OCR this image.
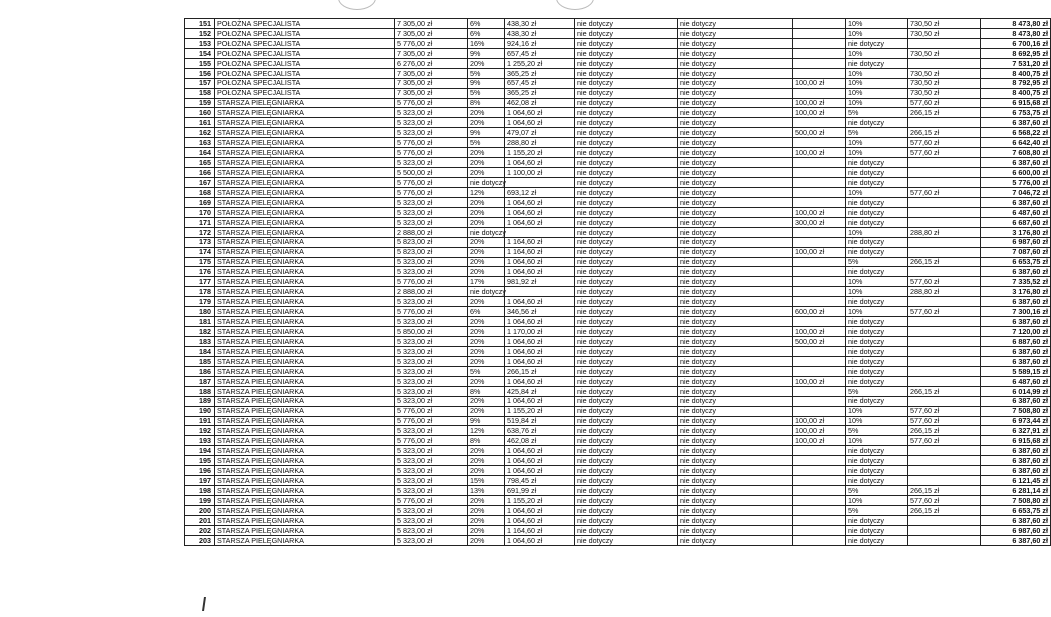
151	POŁOŻNA SPECJALISTA	7 305,00 zł	6%	438,30 zł	nie dotyczy	nie dotyczy		10%	730,50 zł	8 473,80 zł
152	POŁOŻNA SPECJALISTA	7 305,00 zł	6%	438,30 zł	nie dotyczy	nie dotyczy		10%	730,50 zł	8 473,80 zł
153	POŁOŻNA SPECJALISTA	5 776,00 zł	16%	924,16 zł	nie dotyczy	nie dotyczy		nie dotyczy		6 700,16 zł
154	POŁOŻNA SPECJALISTA	7 305,00 zł	9%	657,45 zł	nie dotyczy	nie dotyczy		10%	730,50 zł	8 692,95 zł
155	POŁOŻNA SPECJALISTA	6 276,00 zł	20%	1 255,20 zł	nie dotyczy	nie dotyczy		nie dotyczy		7 531,20 zł
156	POŁOŻNA SPECJALISTA	7 305,00 zł	5%	365,25 zł	nie dotyczy	nie dotyczy		10%	730,50 zł	8 400,75 zł
157	POŁOŻNA SPECJALISTA	7 305,00 zł	9%	657,45 zł	nie dotyczy	nie dotyczy	100,00 zł	10%	730,50 zł	8 792,95 zł
158	POŁOŻNA SPECJALISTA	7 305,00 zł	5%	365,25 zł	nie dotyczy	nie dotyczy		10%	730,50 zł	8 400,75 zł
159	STARSZA PIELĘGNIARKA	5 776,00 zł	8%	462,08 zł	nie dotyczy	nie dotyczy	100,00 zł	10%	577,60 zł	6 915,68 zł
160	STARSZA PIELĘGNIARKA	5 323,00 zł	20%	1 064,60 zł	nie dotyczy	nie dotyczy	100,00 zł	5%	266,15 zł	6 753,75 zł
161	STARSZA PIELĘGNIARKA	5 323,00 zł	20%	1 064,60 zł	nie dotyczy	nie dotyczy		nie dotyczy		6 387,60 zł
162	STARSZA PIELĘGNIARKA	5 323,00 zł	9%	479,07 zł	nie dotyczy	nie dotyczy	500,00 zł	5%	266,15 zł	6 568,22 zł
163	STARSZA PIELĘGNIARKA	5 776,00 zł	5%	288,80 zł	nie dotyczy	nie dotyczy		10%	577,60 zł	6 642,40 zł
164	STARSZA PIELĘGNIARKA	5 776,00 zł	20%	1 155,20 zł	nie dotyczy	nie dotyczy	100,00 zł	10%	577,60 zł	7 608,80 zł
165	STARSZA PIELĘGNIARKA	5 323,00 zł	20%	1 064,60 zł	nie dotyczy	nie dotyczy		nie dotyczy		6 387,60 zł
166	STARSZA PIELĘGNIARKA	5 500,00 zł	20%	1 100,00 zł	nie dotyczy	nie dotyczy		nie dotyczy		6 600,00 zł
167	STARSZA PIELĘGNIARKA	5 776,00 zł	nie dotyczy		nie dotyczy	nie dotyczy		nie dotyczy		5 776,00 zł
168	STARSZA PIELĘGNIARKA	5 776,00 zł	12%	693,12 zł	nie dotyczy	nie dotyczy		10%	577,60 zł	7 046,72 zł
169	STARSZA PIELĘGNIARKA	5 323,00 zł	20%	1 064,60 zł	nie dotyczy	nie dotyczy		nie dotyczy		6 387,60 zł
170	STARSZA PIELĘGNIARKA	5 323,00 zł	20%	1 064,60 zł	nie dotyczy	nie dotyczy	100,00 zł	nie dotyczy		6 487,60 zł
171	STARSZA PIELĘGNIARKA	5 323,00 zł	20%	1 064,60 zł	nie dotyczy	nie dotyczy	300,00 zł	nie dotyczy		6 687,60 zł
172	STARSZA PIELĘGNIARKA	2 888,00 zł	nie dotyczy		nie dotyczy	nie dotyczy		10%	288,80 zł	3 176,80 zł
173	STARSZA PIELĘGNIARKA	5 823,00 zł	20%	1 164,60 zł	nie dotyczy	nie dotyczy		nie dotyczy		6 987,60 zł
174	STARSZA PIELĘGNIARKA	5 823,00 zł	20%	1 164,60 zł	nie dotyczy	nie dotyczy	100,00 zł	nie dotyczy		7 087,60 zł
175	STARSZA PIELĘGNIARKA	5 323,00 zł	20%	1 064,60 zł	nie dotyczy	nie dotyczy		5%	266,15 zł	6 653,75 zł
176	STARSZA PIELĘGNIARKA	5 323,00 zł	20%	1 064,60 zł	nie dotyczy	nie dotyczy		nie dotyczy		6 387,60 zł
177	STARSZA PIELĘGNIARKA	5 776,00 zł	17%	981,92 zł	nie dotyczy	nie dotyczy		10%	577,60 zł	7 335,52 zł
178	STARSZA PIELĘGNIARKA	2 888,00 zł	nie dotyczy		nie dotyczy	nie dotyczy		10%	288,80 zł	3 176,80 zł
179	STARSZA PIELĘGNIARKA	5 323,00 zł	20%	1 064,60 zł	nie dotyczy	nie dotyczy		nie dotyczy		6 387,60 zł
180	STARSZA PIELĘGNIARKA	5 776,00 zł	6%	346,56 zł	nie dotyczy	nie dotyczy	600,00 zł	10%	577,60 zł	7 300,16 zł
181	STARSZA PIELĘGNIARKA	5 323,00 zł	20%	1 064,60 zł	nie dotyczy	nie dotyczy		nie dotyczy		6 387,60 zł
182	STARSZA PIELĘGNIARKA	5 850,00 zł	20%	1 170,00 zł	nie dotyczy	nie dotyczy	100,00 zł	nie dotyczy		7 120,00 zł
183	STARSZA PIELĘGNIARKA	5 323,00 zł	20%	1 064,60 zł	nie dotyczy	nie dotyczy	500,00 zł	nie dotyczy		6 887,60 zł
184	STARSZA PIELĘGNIARKA	5 323,00 zł	20%	1 064,60 zł	nie dotyczy	nie dotyczy		nie dotyczy		6 387,60 zł
185	STARSZA PIELĘGNIARKA	5 323,00 zł	20%	1 064,60 zł	nie dotyczy	nie dotyczy		nie dotyczy		6 387,60 zł
186	STARSZA PIELĘGNIARKA	5 323,00 zł	5%	266,15 zł	nie dotyczy	nie dotyczy		nie dotyczy		5 589,15 zł
187	STARSZA PIELĘGNIARKA	5 323,00 zł	20%	1 064,60 zł	nie dotyczy	nie dotyczy	100,00 zł	nie dotyczy		6 487,60 zł
188	STARSZA PIELĘGNIARKA	5 323,00 zł	8%	425,84 zł	nie dotyczy	nie dotyczy		5%	266,15 zł	6 014,99 zł
189	STARSZA PIELĘGNIARKA	5 323,00 zł	20%	1 064,60 zł	nie dotyczy	nie dotyczy		nie dotyczy		6 387,60 zł
190	STARSZA PIELĘGNIARKA	5 776,00 zł	20%	1 155,20 zł	nie dotyczy	nie dotyczy		10%	577,60 zł	7 508,80 zł
191	STARSZA PIELĘGNIARKA	5 776,00 zł	9%	519,84 zł	nie dotyczy	nie dotyczy	100,00 zł	10%	577,60 zł	6 973,44 zł
192	STARSZA PIELĘGNIARKA	5 323,00 zł	12%	638,76 zł	nie dotyczy	nie dotyczy	100,00 zł	5%	266,15 zł	6 327,91 zł
193	STARSZA PIELĘGNIARKA	5 776,00 zł	8%	462,08 zł	nie dotyczy	nie dotyczy	100,00 zł	10%	577,60 zł	6 915,68 zł
194	STARSZA PIELĘGNIARKA	5 323,00 zł	20%	1 064,60 zł	nie dotyczy	nie dotyczy		nie dotyczy		6 387,60 zł
195	STARSZA PIELĘGNIARKA	5 323,00 zł	20%	1 064,60 zł	nie dotyczy	nie dotyczy		nie dotyczy		6 387,60 zł
196	STARSZA PIELĘGNIARKA	5 323,00 zł	20%	1 064,60 zł	nie dotyczy	nie dotyczy		nie dotyczy		6 387,60 zł
197	STARSZA PIELĘGNIARKA	5 323,00 zł	15%	798,45 zł	nie dotyczy	nie dotyczy		nie dotyczy		6 121,45 zł
198	STARSZA PIELĘGNIARKA	5 323,00 zł	13%	691,99 zł	nie dotyczy	nie dotyczy		5%	266,15 zł	6 281,14 zł
199	STARSZA PIELĘGNIARKA	5 776,00 zł	20%	1 155,20 zł	nie dotyczy	nie dotyczy		10%	577,60 zł	7 508,80 zł
200	STARSZA PIELĘGNIARKA	5 323,00 zł	20%	1 064,60 zł	nie dotyczy	nie dotyczy		5%	266,15 zł	6 653,75 zł
201	STARSZA PIELĘGNIARKA	5 323,00 zł	20%	1 064,60 zł	nie dotyczy	nie dotyczy		nie dotyczy		6 387,60 zł
202	STARSZA PIELĘGNIARKA	5 823,00 zł	20%	1 164,60 zł	nie dotyczy	nie dotyczy		nie dotyczy		6 987,60 zł
203	STARSZA PIELĘGNIARKA	5 323,00 zł	20%	1 064,60 zł	nie dotyczy	nie dotyczy		nie dotyczy		6 387,60 zł
